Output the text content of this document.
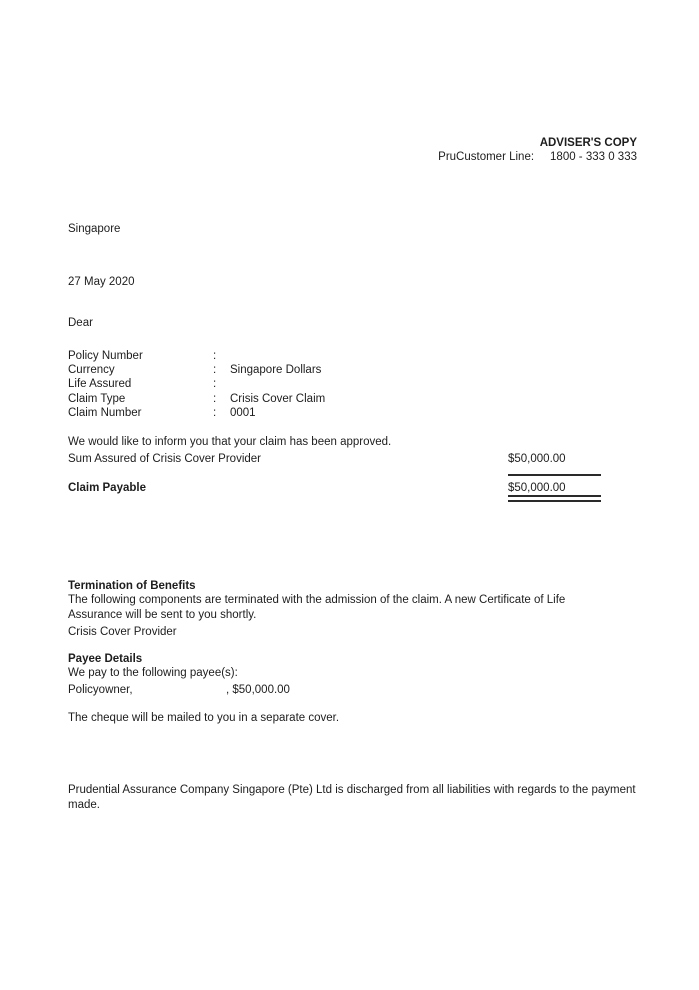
ADVISER'S COPY
PruCustomer Line: 1800 - 333 0 333
Singapore
27 May 2020
Dear
Policy Number	:
Currency	: Singapore Dollars
Life Assured	:
Claim Type	: Crisis Cover Claim
Claim Number	: 0001
We would like to inform you that your claim has been approved.
Sum Assured of Crisis Cover Provider	$50,000.00
Claim Payable	$50,000.00
Termination of Benefits
The following components are terminated with the admission of the claim. A new Certificate of Life Assurance will be sent to you shortly.
Crisis Cover Provider
Payee Details
We pay to the following payee(s):
Policyowner,	, $50,000.00
The cheque will be mailed to you in a separate cover.
Prudential Assurance Company Singapore (Pte) Ltd is discharged from all liabilities with regards to the payment made.
